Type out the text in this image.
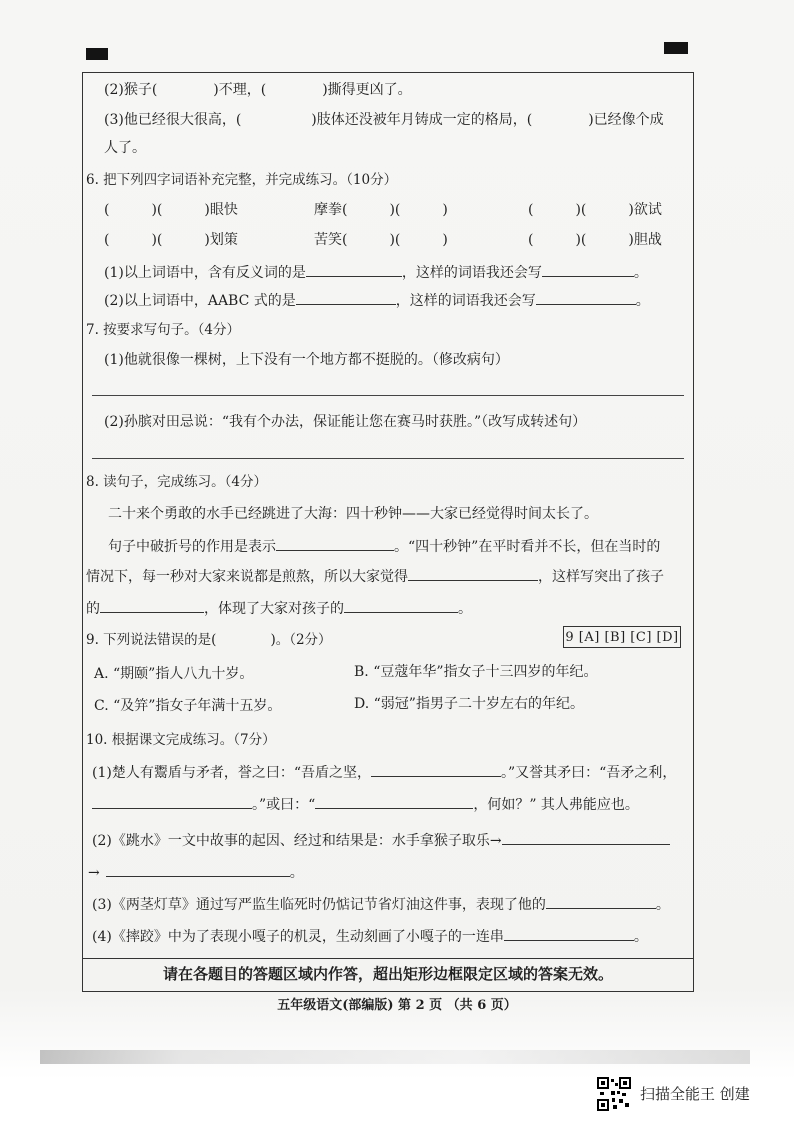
(2)猴子(　　　　)不理，(　　　　)撕得更凶了。
(3)他已经很大很高，(　　　　　)肢体还没被年月铸成一定的格局，(　　　　)已经像个成
人了。
6. 把下列四字词语补充完整，并完成练习。（10分）
(　　　)(　　　)眼快	摩拳(　　　)(　　　)	(　　　)(　　　)欲试
(　　　)(　　　)划策	苦笑(　　　)(　　　)	(　　　)(　　　)胆战
(1)以上词语中，含有反义词的是	，这样的词语我还会写	。
(2)以上词语中，AABC 式的是	，这样的词语我还会写	。
7. 按要求写句子。（4分）
(1)他就很像一棵树，上下没有一个地方都不挺脱的。（修改病句）
(2)孙膑对田忌说：“我有个办法，保证能让您在赛马时获胜。”（改写成转述句）
8. 读句子，完成练习。（4分）
二十来个勇敢的水手已经跳进了大海：四十秒钟——大家已经觉得时间太长了。
句子中破折号的作用是表示	。“四十秒钟”在平时看并不长，但在当时的
情况下，每一秒对大家来说都是煎熬，所以大家觉得	，这样写突出了孩子
的	，体现了大家对孩子的	。
9. 下列说法错误的是(　　　　)。（2分）	9 [A] [B] [C] [D]
A. “期颐”指人八九十岁。	B. “豆蔻年华”指女子十三四岁的年纪。
C. “及笄”指女子年满十五岁。	D. “弱冠”指男子二十岁左右的年纪。
10. 根据课文完成练习。（7分）
(1)楚人有鬻盾与矛者，誉之曰：“吾盾之坚，	。”又誉其矛曰：“吾矛之利，
。”或曰：“	，何如？” 其人弗能应也。
(2)《跳水》一文中故事的起因、经过和结果是：水手拿猴子取乐→
→	。
(3)《两茎灯草》通过写严监生临死时仍惦记节省灯油这件事，表现了他的	。
(4)《摔跤》中为了表现小嘎子的机灵，生动刻画了小嘎子的一连串	。
请在各题目的答题区域内作答，超出矩形边框限定区域的答案无效。
五年级语文(部编版) 第 2 页 （共 6 页）
扫描全能王 创建
